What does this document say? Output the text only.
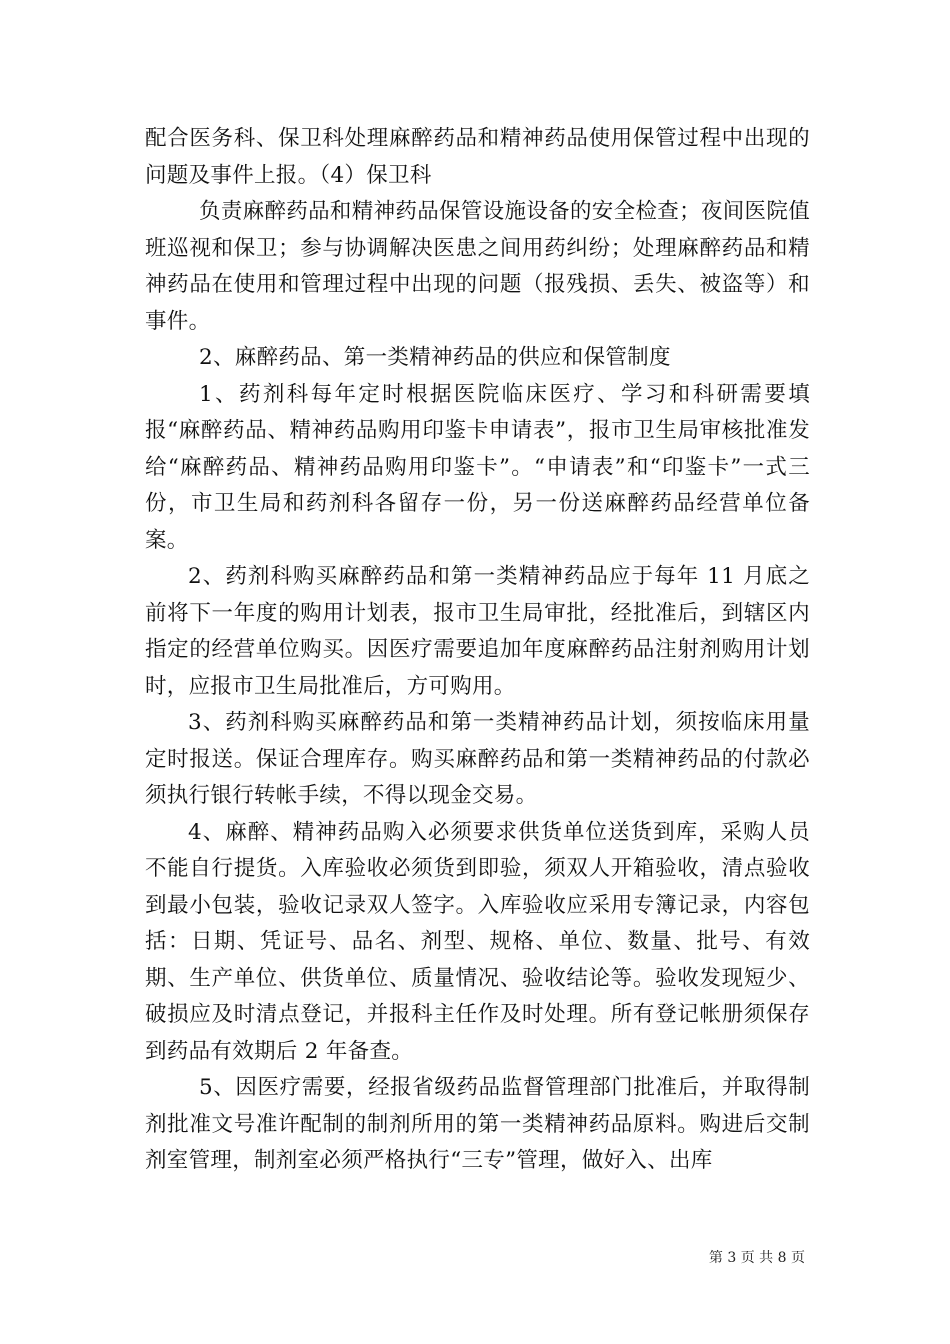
配合医务科、保卫科处理麻醉药品和精神药品使用保管过程中出现的问题及事件上报。（4）保卫科

负责麻醉药品和精神药品保管设施设备的安全检查；夜间医院值班巡视和保卫；参与协调解决医患之间用药纠纷；处理麻醉药品和精神药品在使用和管理过程中出现的问题（报残损、丢失、被盗等）和事件。

2、麻醉药品、第一类精神药品的供应和保管制度

1、药剂科每年定时根据医院临床医疗、学习和科研需要填报“麻醉药品、精神药品购用印鉴卡申请表”，报市卫生局审核批准发给“麻醉药品、精神药品购用印鉴卡”。“申请表”和“印鉴卡”一式三份，市卫生局和药剂科各留存一份，另一份送麻醉药品经营单位备案。

2、药剂科购买麻醉药品和第一类精神药品应于每年 11 月底之前将下一年度的购用计划表，报市卫生局审批，经批准后，到辖区内指定的经营单位购买。因医疗需要追加年度麻醉药品注射剂购用计划时，应报市卫生局批准后，方可购用。

3、药剂科购买麻醉药品和第一类精神药品计划，须按临床用量定时报送。保证合理库存。购买麻醉药品和第一类精神药品的付款必须执行银行转帐手续，不得以现金交易。

4、麻醉、精神药品购入必须要求供货单位送货到库，采购人员不能自行提货。入库验收必须货到即验，须双人开箱验收，清点验收到最小包装，验收记录双人签字。入库验收应采用专簿记录，内容包括：日期、凭证号、品名、剂型、规格、单位、数量、批号、有效期、生产单位、供货单位、质量情况、验收结论等。验收发现短少、破损应及时清点登记，并报科主任作及时处理。所有登记帐册须保存到药品有效期后 2 年备查。

5、因医疗需要，经报省级药品监督管理部门批准后，并取得制剂批准文号准许配制的制剂所用的第一类精神药品原料。购进后交制剂室管理，制剂室必须严格执行“三专”管理，做好入、出库

第 3 页 共 8 页
